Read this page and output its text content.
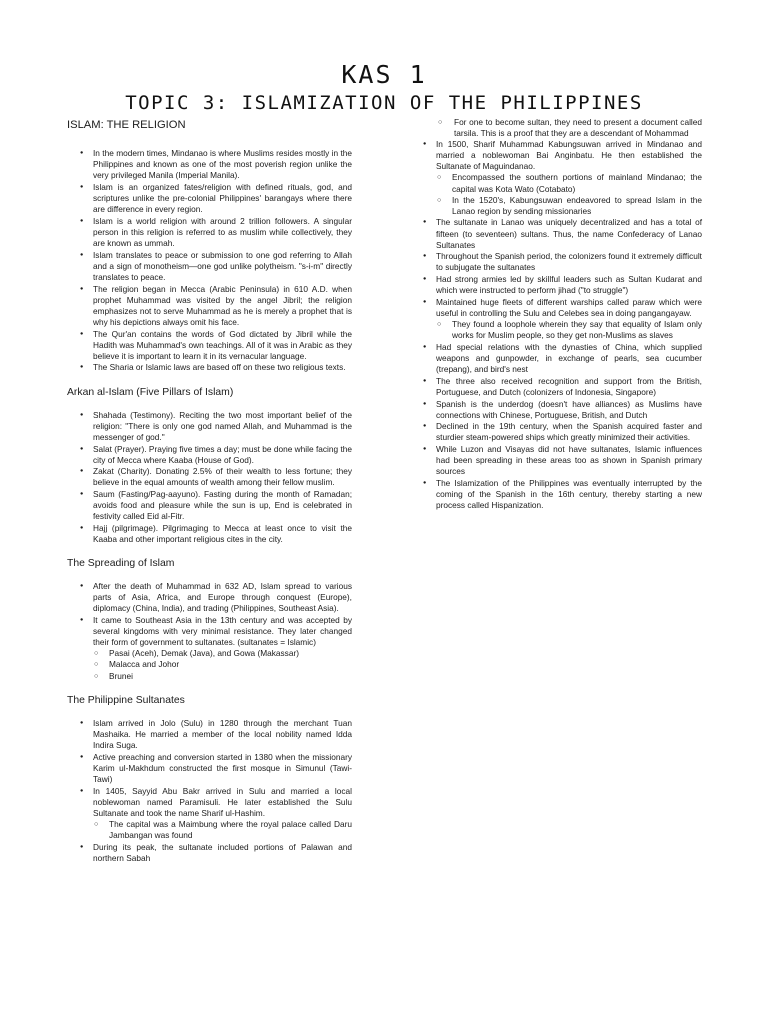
KAS 1
TOPIC 3: ISLAMIZATION OF THE PHILIPPINES
ISLAM: THE RELIGION
● In the modern times, Mindanao is where Muslims resides mostly in the Philippines and known as one of the most poverish region unlike the very privileged Manila (Imperial Manila).
● Islam is an organized fates/religion with defined rituals, god, and scriptures unlike the pre-colonial Philippines' barangays where there are difference in every region.
● Islam is a world religion with around 2 trillion followers. A singular person in this religion is referred to as muslim while collectively, they are known as ummah.
● Islam translates to peace or submission to one god referring to Allah and a sign of monotheism—one god unlike polytheism. "s-i-m" directly translates to peace.
● The religion began in Mecca (Arabic Peninsula) in 610 A.D. when prophet Muhammad was visited by the angel Jibril; the religion emphasizes not to serve Muhammad as he is merely a prophet that is why his depictions always omit his face.
● The Qur'an contains the words of God dictated by Jibril while the Hadith was Muhammad's own teachings. All of it was in Arabic as they believe it is important to learn it in its vernacular language.
● The Sharia or Islamic laws are based off on these two religious texts.
Arkan al-Islam (Five Pillars of Islam)
● Shahada (Testimony). Reciting the two most important belief of the religion: "There is only one god named Allah, and Muhammad is the messenger of god."
● Salat (Prayer). Praying five times a day; must be done while facing the city of Mecca where Kaaba (House of God).
● Zakat (Charity). Donating 2.5% of their wealth to less fortune; they believe in the equal amounts of wealth among their fellow muslim.
● Saum (Fasting/Pag-aayuno). Fasting during the month of Ramadan; avoids food and pleasure while the sun is up, End is celebrated in festivity called Eid al-Fitr.
● Hajj (pilgrimage). Pilgrimaging to Mecca at least once to visit the Kaaba and other important religious cites in the city.
The Spreading of Islam
● After the death of Muhammad in 632 AD, Islam spread to various parts of Asia, Africa, and Europe through conquest (Europe), diplomacy (China, India), and trading (Philippines, Southeast Asia).
● It came to Southeast Asia in the 13th century and was accepted by several kingdoms with very minimal resistance. They later changed their form of government to sultanates. (sultanates = Islamic)
○ Pasai (Aceh), Demak (Java), and Gowa (Makassar)
○ Malacca and Johor
○ Brunei
The Philippine Sultanates
● Islam arrived in Jolo (Sulu) in 1280 through the merchant Tuan Mashaika. He married a member of the local nobility named Idda Indira Suga.
● Active preaching and conversion started in 1380 when the missionary Karim ul-Makhdum constructed the first mosque in Simunul (Tawi-Tawi)
● In 1405, Sayyid Abu Bakr arrived in Sulu and married a local noblewoman named Paramisuli. He later established the Sulu Sultanate and took the name Sharif ul-Hashim.
○ The capital was a Maimbung where the royal palace called Daru Jambangan was found
● During its peak, the sultanate included portions of Palawan and northern Sabah
○ For one to become sultan, they need to present a document called tarsila. This is a proof that they are a descendant of Mohammad
● In 1500, Sharif Muhammad Kabungsuwan arrived in Mindanao and married a noblewoman Bai Anginbatu. He then established the Sultanate of Maguindanao.
○ Encompassed the southern portions of mainland Mindanao; the capital was Kota Wato (Cotabato)
○ In the 1520's, Kabungsuwan endeavored to spread Islam in the Lanao region by sending missionaries
● The sultanate in Lanao was uniquely decentralized and has a total of fifteen (to seventeen) sultans. Thus, the name Confederacy of Lanao Sultanates
● Throughout the Spanish period, the colonizers found it extremely difficult to subjugate the sultanates
● Had strong armies led by skillful leaders such as Sultan Kudarat and which were instructed to perform jihad ("to struggle")
● Maintained huge fleets of different warships called paraw which were useful in controlling the Sulu and Celebes sea in doing pangangayaw.
○ They found a loophole wherein they say that equality of Islam only works for Muslim people, so they get non-Muslims as slaves
● Had special relations with the dynasties of China, which supplied weapons and gunpowder, in exchange of pearls, sea cucumber (trepang), and bird's nest
● The three also received recognition and support from the British, Portuguese, and Dutch (colonizers of Indonesia, Singapore)
● Spanish is the underdog (doesn't have alliances) as Muslims have connections with Chinese, Portuguese, British, and Dutch
● Declined in the 19th century, when the Spanish acquired faster and sturdier steam-powered ships which greatly minimized their activities.
● While Luzon and Visayas did not have sultanates, Islamic influences had been spreading in these areas too as shown in Spanish primary sources
● The Islamization of the Philippines was eventually interrupted by the coming of the Spanish in the 16th century, thereby starting a new process called Hispanization.
